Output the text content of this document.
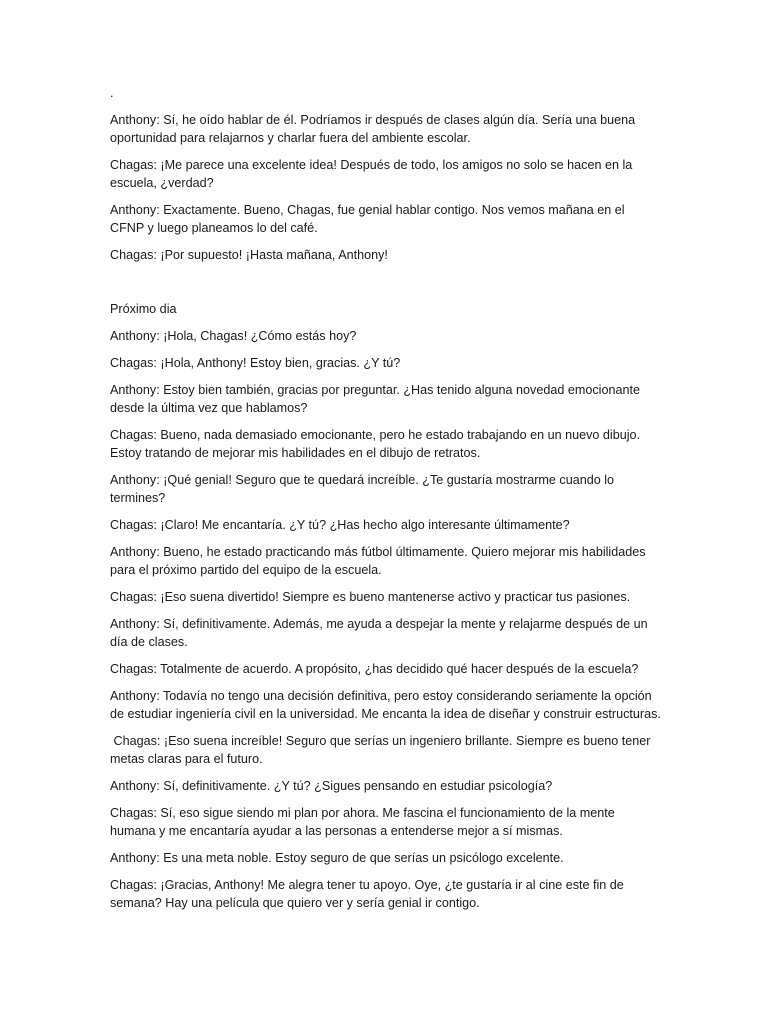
.

Anthony: Sí, he oído hablar de él. Podríamos ir después de clases algún día. Sería una buena oportunidad para relajarnos y charlar fuera del ambiente escolar.

Chagas: ¡Me parece una excelente idea! Después de todo, los amigos no solo se hacen en la escuela, ¿verdad?

Anthony: Exactamente. Bueno, Chagas, fue genial hablar contigo. Nos vemos mañana en el CFNP y luego planeamos lo del café.

Chagas: ¡Por supuesto! ¡Hasta mañana, Anthony!

Próximo dia

Anthony: ¡Hola, Chagas! ¿Cómo estás hoy?

Chagas: ¡Hola, Anthony! Estoy bien, gracias. ¿Y tú?

Anthony: Estoy bien también, gracias por preguntar. ¿Has tenido alguna novedad emocionante desde la última vez que hablamos?

Chagas: Bueno, nada demasiado emocionante, pero he estado trabajando en un nuevo dibujo. Estoy tratando de mejorar mis habilidades en el dibujo de retratos.

Anthony: ¡Qué genial! Seguro que te quedará increíble. ¿Te gustaría mostrarme cuando lo termines?

Chagas: ¡Claro! Me encantaría. ¿Y tú? ¿Has hecho algo interesante últimamente?

Anthony: Bueno, he estado practicando más fútbol últimamente. Quiero mejorar mis habilidades para el próximo partido del equipo de la escuela.

Chagas: ¡Eso suena divertido! Siempre es bueno mantenerse activo y practicar tus pasiones.

Anthony: Sí, definitivamente. Además, me ayuda a despejar la mente y relajarme después de un día de clases.

Chagas: Totalmente de acuerdo. A propósito, ¿has decidido qué hacer después de la escuela?

Anthony: Todavía no tengo una decisión definitiva, pero estoy considerando seriamente la opción de estudiar ingeniería civil en la universidad. Me encanta la idea de diseñar y construir estructuras.

Chagas: ¡Eso suena increíble! Seguro que serías un ingeniero brillante. Siempre es bueno tener metas claras para el futuro.

Anthony: Sí, definitivamente. ¿Y tú? ¿Sigues pensando en estudiar psicología?

Chagas: Sí, eso sigue siendo mi plan por ahora. Me fascina el funcionamiento de la mente humana y me encantaría ayudar a las personas a entenderse mejor a sí mismas.

Anthony: Es una meta noble. Estoy seguro de que serías un psicólogo excelente.

Chagas: ¡Gracias, Anthony! Me alegra tener tu apoyo. Oye, ¿te gustaría ir al cine este fin de semana? Hay una película que quiero ver y sería genial ir contigo.
